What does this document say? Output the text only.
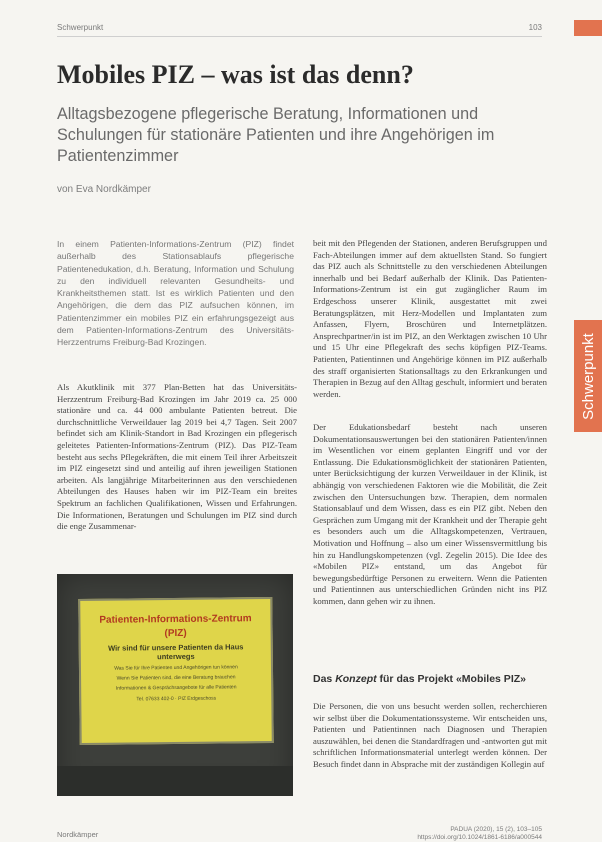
Schwerpunkt	103
Mobiles PIZ – was ist das denn?

Alltagsbezogene pflegerische Beratung, Informationen und Schulungen für stationäre Patienten und ihre Angehörigen im Patientenzimmer

von Eva Nordkämper

In einem Patienten-Informations-Zentrum (PIZ) findet außerhalb des Stationsablaufs pflegerische Patientenedukation, d.h. Beratung, Information und Schulung zu den individuell relevanten Gesundheits- und Krankheitsthemen statt. Ist es wirklich Patienten und den Angehörigen, die dem das PIZ aufsuchen können, im Patientenzimmer ein mobiles PIZ ein erfahrungsgezeigt aus dem Patienten-Informations-Zentrum des Universitäts-Herzzentrums Freiburg-Bad Krozingen.

Als Akutklinik mit 377 Plan-Betten hat das Universitäts-Herzzentrum Freiburg-Bad Krozingen im Jahr 2019 ca. 25 000 stationäre und ca. 44 000 ambulante Patienten betreut. Die durchschnittliche Verweildauer lag 2019 bei 4,7 Tagen. Seit 2007 befindet sich am Klinik-Standort in Bad Krozingen ein pflegerisch geleitetes Patienten-Informations-Zentrum (PIZ). Das PIZ-Team besteht aus sechs Pflegekräften, die mit einem Teil ihrer Arbeitszeit im PIZ eingesetzt sind und anteilig auf ihren jeweiligen Stationen arbeiten. Als langjährige Mitarbeiterinnen aus den verschiedenen Abteilungen des Hauses haben wir im PIZ-Team ein breites Spektrum an fachlichen Qualifikationen, Wissen und Erfahrungen. Die Informationen, Beratungen und Schulungen im PIZ sind durch die enge Zusammenar-

Patienten-Informations-Zentrum
(PIZ)
Wir sind für unsere Patienten da Haus unterwegs
Was Sie für Ihre Patienten und Angehörigen tun können
Wenn Sie Patienten sind, die eine Beratung brauchen
Informationen & Gesprächsangebote für alle Patienten
Tel. 07633 402-0 · PIZ Erdgeschoss

beit mit den Pflegenden der Stationen, anderen Berufsgruppen und Fach-Abteilungen immer auf dem aktuellsten Stand. So fungiert das PIZ auch als Schnittstelle zu den verschiedenen Abteilungen innerhalb und bei Bedarf außerhalb der Klinik. Das Patienten-Informations-Zentrum ist ein gut zugänglicher Raum im Erdgeschoss unserer Klinik, ausgestattet mit zwei Beratungsplätzen, mit Herz-Modellen und Implantaten zum Anfassen, Flyern, Broschüren und Internetplätzen. Ansprechpartner/in ist im PIZ, an den Werktagen zwischen 10 Uhr und 15 Uhr eine Pflegekraft des sechs köpfigen PIZ-Teams. Patienten, Patientinnen und Angehörige können im PIZ außerhalb des straff organisierten Stationsalltags zu den Erkrankungen und Therapien in Bezug auf den Alltag geschult, informiert und beraten werden.

Der Edukationsbedarf besteht nach unseren Dokumentationsauswertungen bei den stationären Patienten/innen im Wesentlichen vor einem geplanten Eingriff und vor der Entlassung. Die Edukationsmöglichkeit der stationären Patienten, unter Berücksichtigung der kurzen Verweildauer in der Klinik, ist abhängig von verschiedenen Faktoren wie die Mobilität, die Zeit zwischen den Untersuchungen bzw. Therapien, dem normalen Stationsablauf und dem Wissen, dass es ein PIZ gibt. Neben den Gesprächen zum Umgang mit der Krankheit und der Therapie geht es besonders auch um die Alltagskompetenzen, Vertrauen, Motivation und Hoffnung – also um einer Wissensvermittlung bis hin zu Handlungskompetenzen (vgl. Zegelin 2015). Die Idee des «Mobilen PIZ» entstand, um das Angebot für bewegungsbedürftige Personen zu erweitern. Wenn die Patienten und Patientinnen aus unterschiedlichen Gründen nicht ins PIZ kommen, dann gehen wir zu ihnen.

Das Konzept für das Projekt «Mobiles PIZ»

Die Personen, die von uns besucht werden sollen, recherchieren wir selbst über die Dokumentationssysteme. Wir entscheiden uns, Patienten und Patientinnen nach Diagnosen und Therapien auszuwählen, bei denen die Standardfragen und -antworten gut mit schriftlichen Informationsmaterial unterlegt werden können. Der Besuch findet dann in Absprache mit der zuständigen Kollegin auf

Schwerpunkt
Nordkämper
PADUA (2020), 15 (2), 103–105
https://doi.org/10.1024/1861-6186/a000544
